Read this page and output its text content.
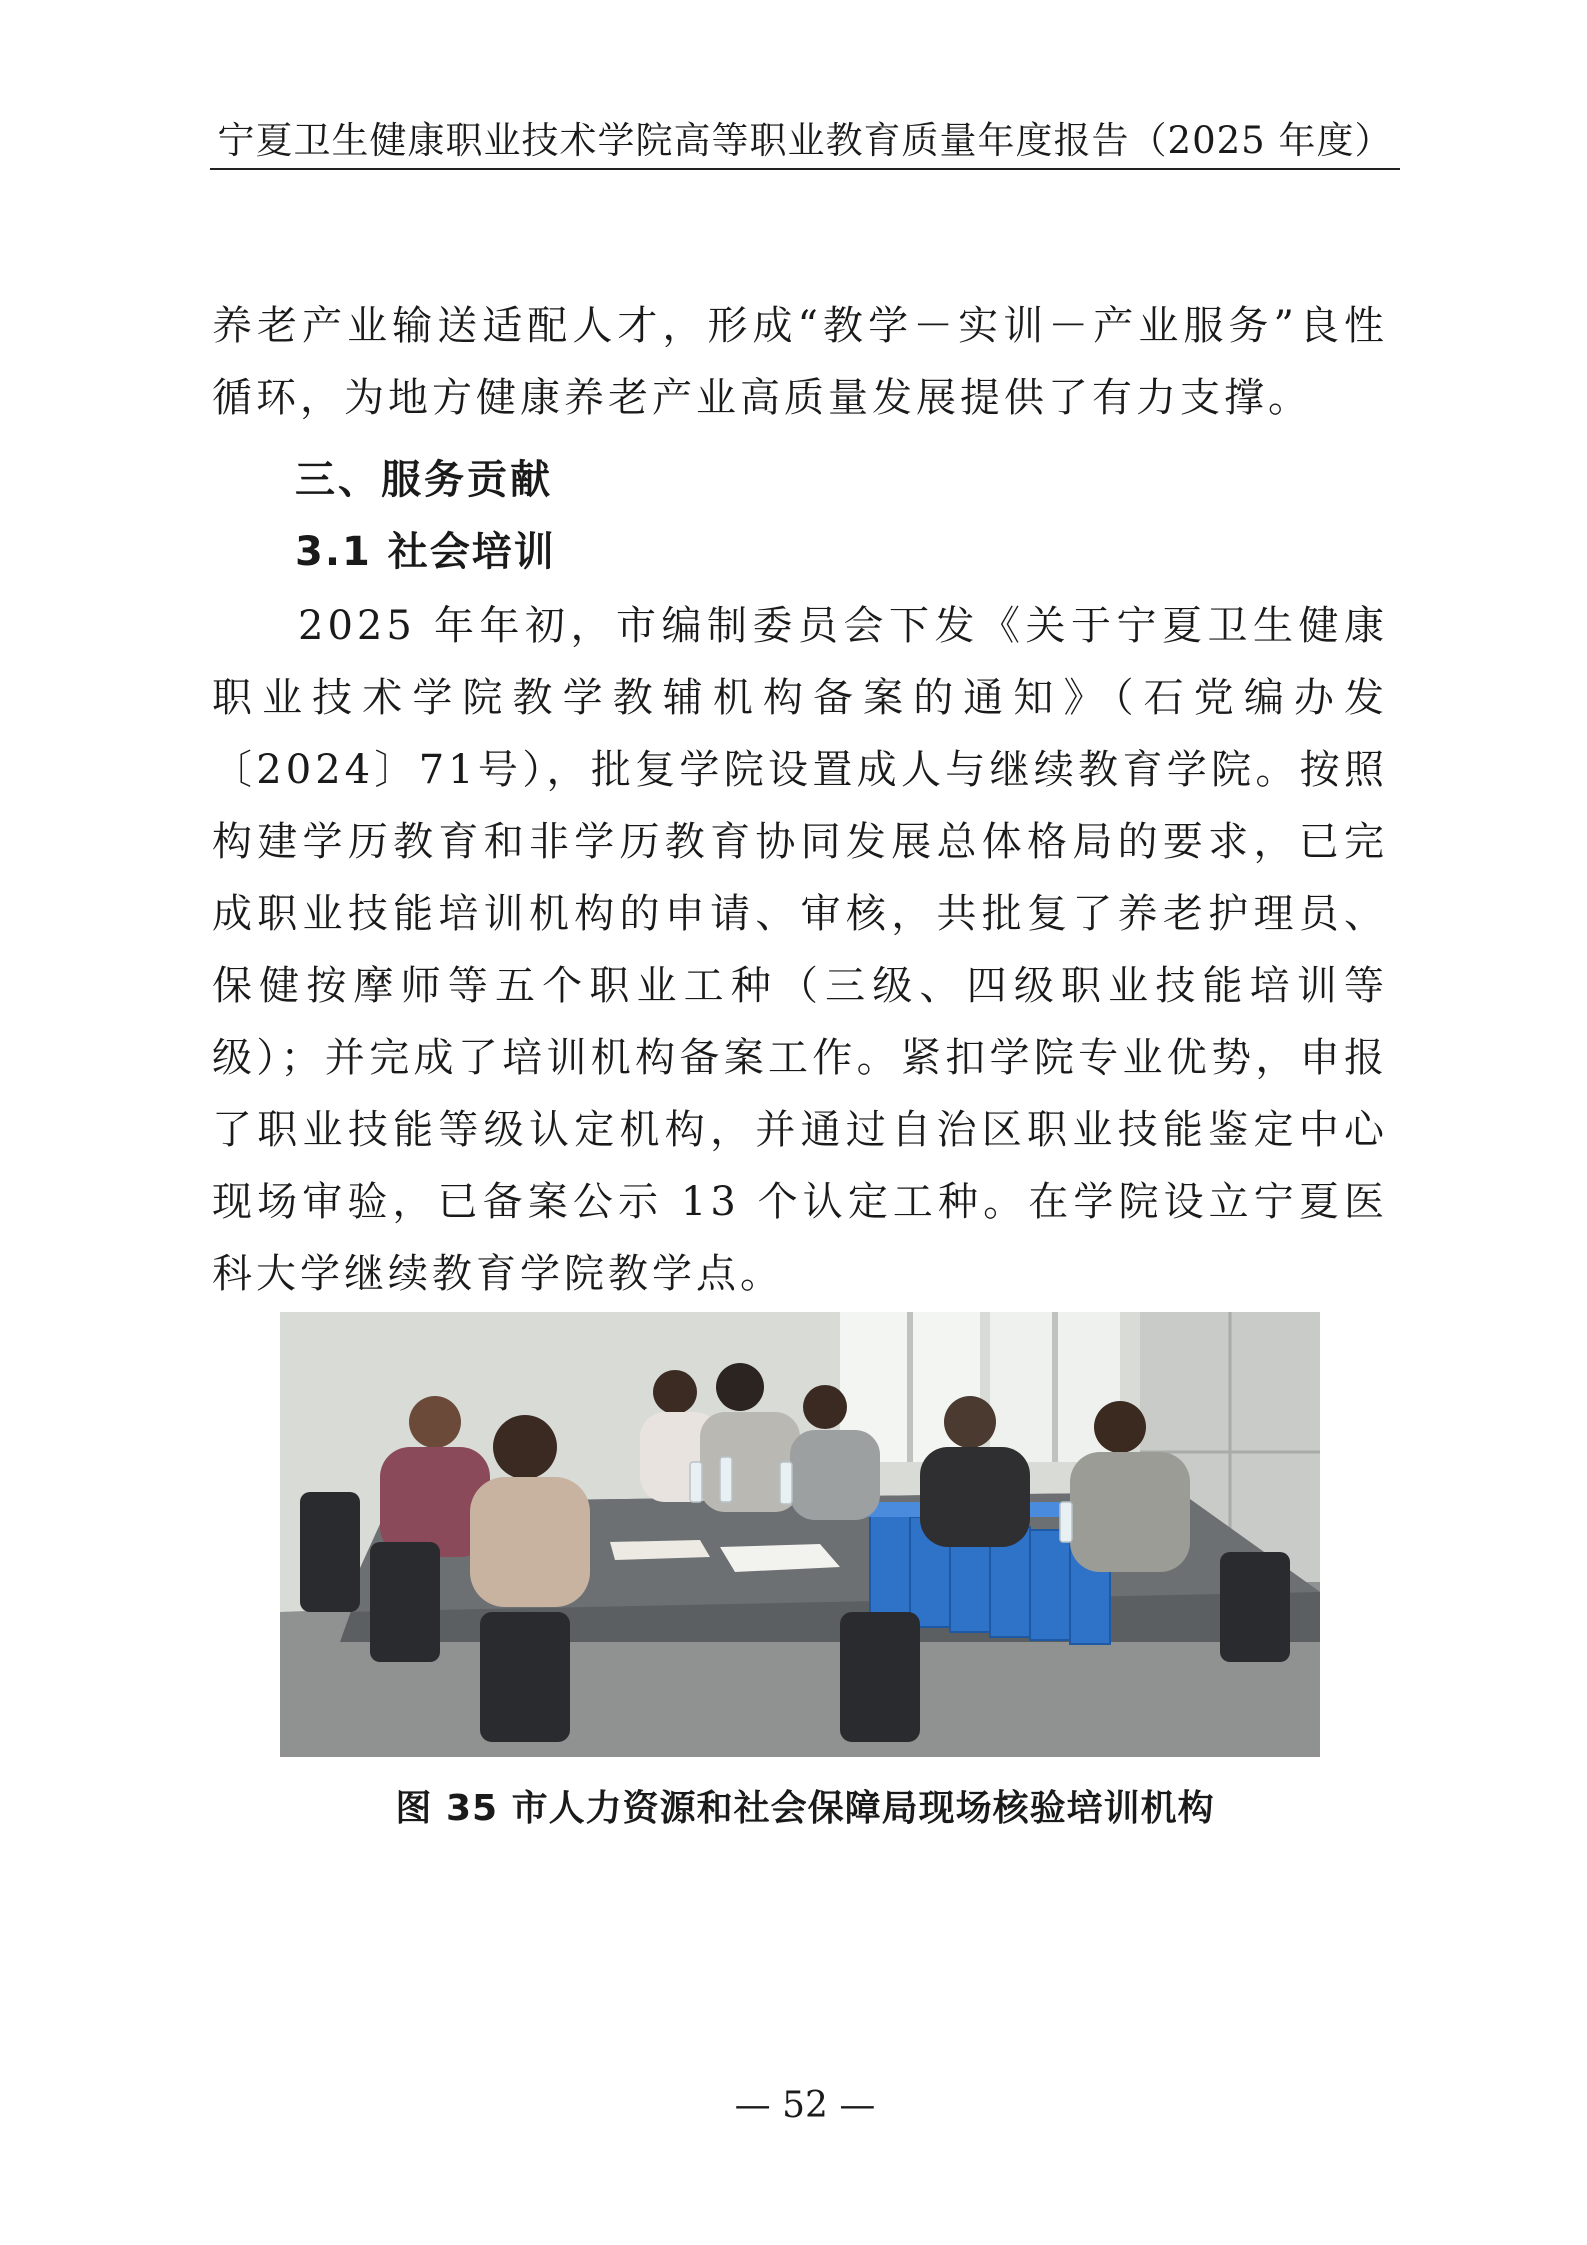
宁夏卫生健康职业技术学院高等职业教育质量年度报告（2025 年度）
养老产业输送适配人才，形成“教学－实训－产业服务”良性循环，为地方健康养老产业高质量发展提供了有力支撑。
三、服务贡献
3.1 社会培训
2025 年年初，市编制委员会下发《关于宁夏卫生健康职业技术学院教学教辅机构备案的通知》（石党编办发〔2024〕71号），批复学院设置成人与继续教育学院。按照构建学历教育和非学历教育协同发展总体格局的要求，已完成职业技能培训机构的申请、审核，共批复了养老护理员、保健按摩师等五个职业工种（三级、四级职业技能培训等级）；并完成了培训机构备案工作。紧扣学院专业优势，申报了职业技能等级认定机构，并通过自治区职业技能鉴定中心现场审验，已备案公示 13 个认定工种。在学院设立宁夏医科大学继续教育学院教学点。
图 35 市人力资源和社会保障局现场核验培训机构
— 52 —
